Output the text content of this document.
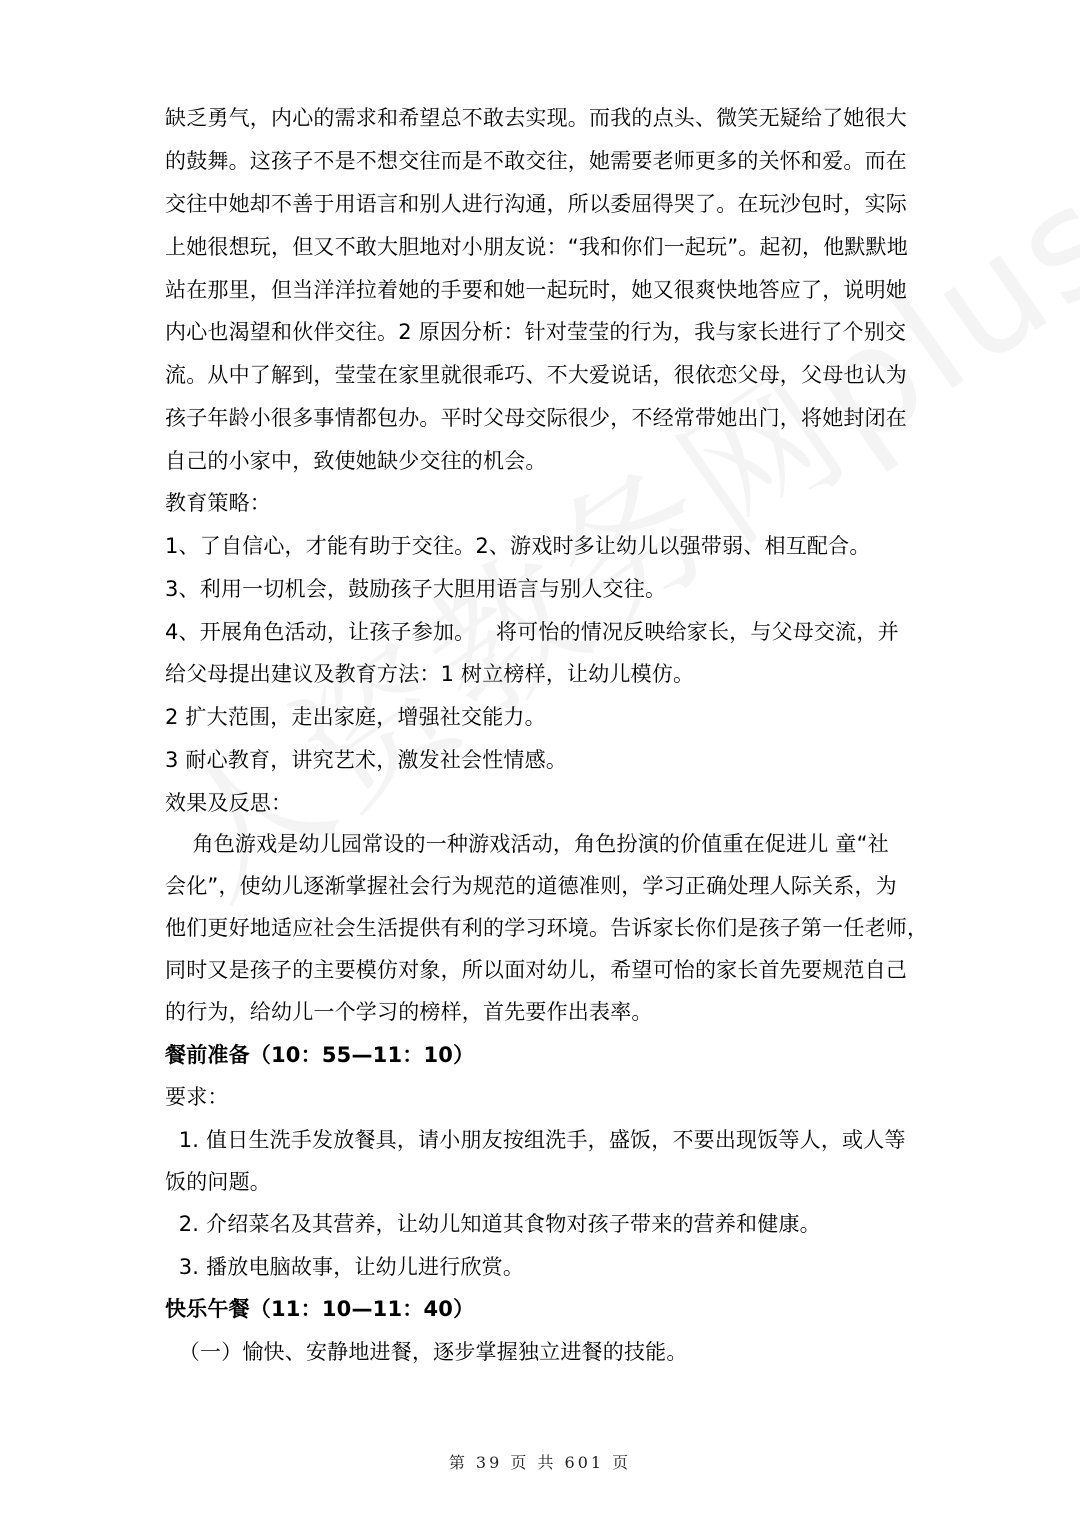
缺乏勇气，内心的需求和希望总不敢去实现。而我的点头、微笑无疑给了她很大
的鼓舞。这孩子不是不想交往而是不敢交往，她需要老师更多的关怀和爱。而在
交往中她却不善于用语言和别人进行沟通，所以委屈得哭了。在玩沙包时，实际
上她很想玩，但又不敢大胆地对小朋友说：“我和你们一起玩”。起初，他默默地
站在那里，但当洋洋拉着她的手要和她一起玩时，她又很爽快地答应了，说明她
内心也渴望和伙伴交往。2 原因分析：针对莹莹的行为，我与家长进行了个别交
流。从中了解到，莹莹在家里就很乖巧、不大爱说话，很依恋父母，父母也认为
孩子年龄小很多事情都包办。平时父母交际很少，不经常带她出门，将她封闭在
自己的小家中，致使她缺少交往的机会。
教育策略：
1、了自信心，才能有助于交往。2、游戏时多让幼儿以强带弱、相互配合。
3、利用一切机会，鼓励孩子大胆用语言与别人交往。
4、开展角色活动，让孩子参加。   将可怡的情况反映给家长，与父母交流，并
给父母提出建议及教育方法：1 树立榜样，让幼儿模仿。
2 扩大范围，走出家庭，增强社交能力。
3 耐心教育，讲究艺术，激发社会性情感。
效果及反思：
角色游戏是幼儿园常设的一种游戏活动，角色扮演的价值重在促进儿 童“社
会化”，使幼儿逐渐掌握社会行为规范的道德准则，学习正确处理人际关系，为
他们更好地适应社会生活提供有利的学习环境。告诉家长你们是孩子第一任老师，
同时又是孩子的主要模仿对象，所以面对幼儿，希望可怡的家长首先要规范自己
的行为，给幼儿一个学习的榜样，首先要作出表率。
餐前准备（10：55—11：10）
要求：
1. 值日生洗手发放餐具，请小朋友按组洗手，盛饭，不要出现饭等人，或人等
饭的问题。
2. 介绍菜名及其营养，让幼儿知道其食物对孩子带来的营养和健康。
3. 播放电脑故事，让幼儿进行欣赏。
快乐午餐（11：10—11：40）
（一）愉快、安静地进餐，逐步掌握独立进餐的技能。
第 39 页 共 601 页
